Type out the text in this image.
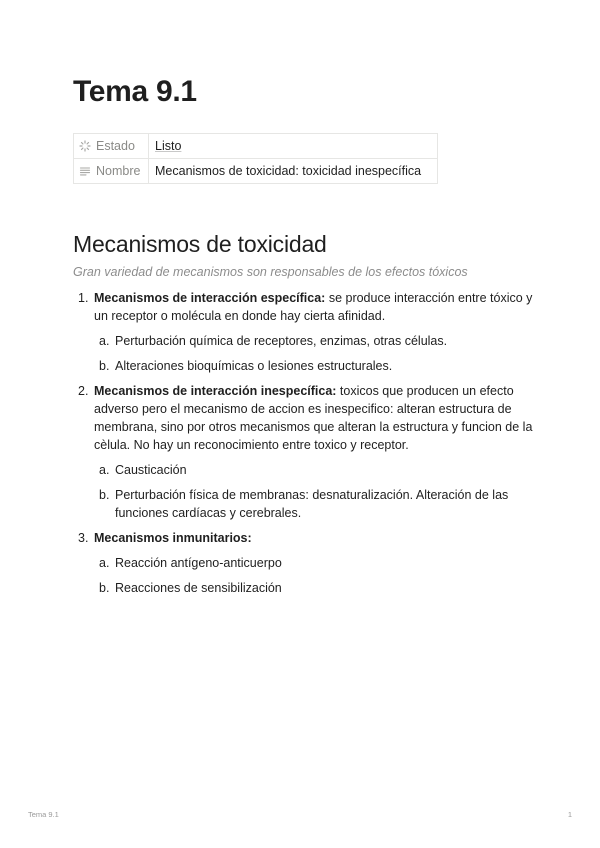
Tema 9.1
Estado	Listo

Nombre	Mecanismos de toxicidad: toxicidad inespecífica
Mecanismos de toxicidad

Gran variedad de mecanismos son responsables de los efectos tóxicos

1. Mecanismos de interacción específica: se produce interacción entre tóxico y un receptor o molécula en donde hay cierta afinidad.
a. Perturbación química de receptores, enzimas, otras células.
b. Alteraciones bioquímicas o lesiones estructurales.
2. Mecanismos de interacción inespecífica: toxicos que producen un efecto adverso pero el mecanismo de accion es inespecifico: alteran estructura de membrana, sino por otros mecanismos que alteran la estructura y funcion de la cèlula. No hay un reconocimiento entre toxico y receptor.
a. Causticación
b. Perturbación física de membranas: desnaturalización. Alteración de las funciones cardíacas y cerebrales.
3. Mecanismos inmunitarios:
a. Reacción antígeno-anticuerpo
b. Reacciones de sensibilización
Tema 9.1	1
